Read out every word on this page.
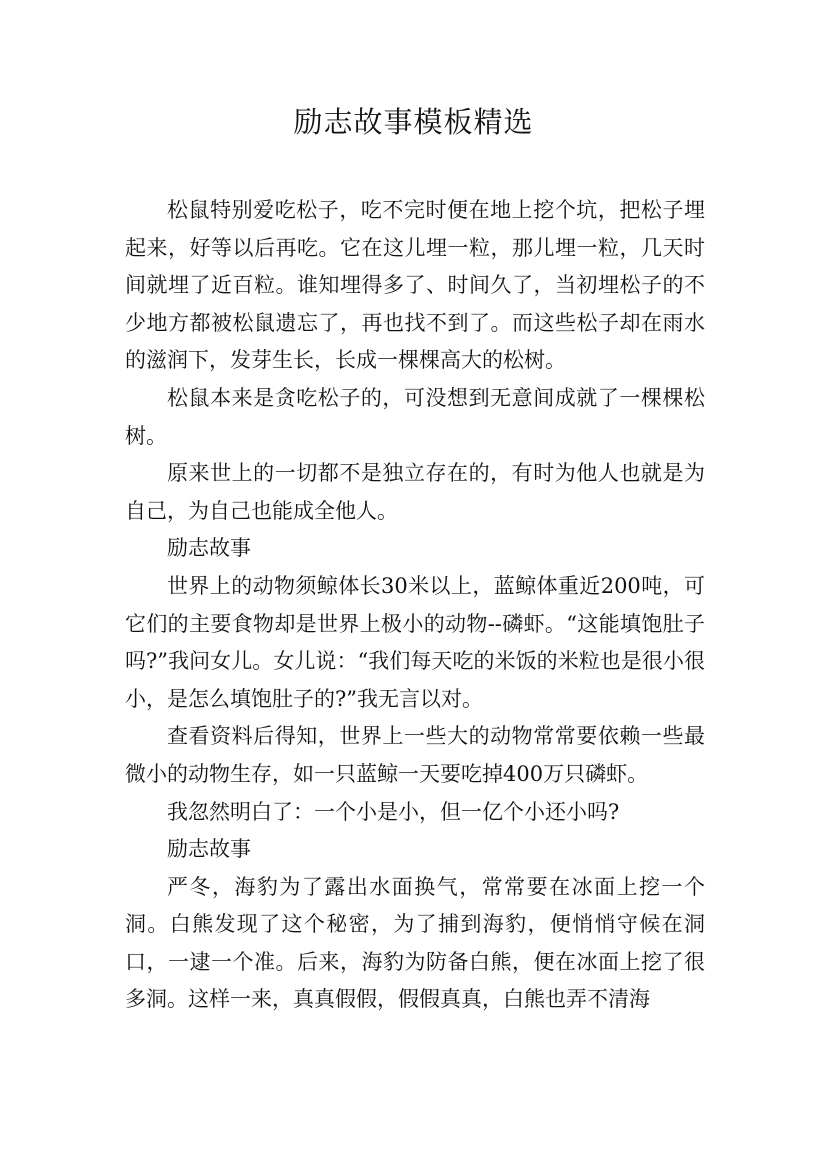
励志故事模板精选

松鼠特别爱吃松子，吃不完时便在地上挖个坑，把松子埋起来，好等以后再吃。它在这儿埋一粒，那儿埋一粒，几天时间就埋了近百粒。谁知埋得多了、时间久了，当初埋松子的不少地方都被松鼠遗忘了，再也找不到了。而这些松子却在雨水的滋润下，发芽生长，长成一棵棵高大的松树。

松鼠本来是贪吃松子的，可没想到无意间成就了一棵棵松树。

原来世上的一切都不是独立存在的，有时为他人也就是为自己，为自己也能成全他人。

励志故事

世界上的动物须鲸体长30米以上，蓝鲸体重近200吨，可它们的主要食物却是世界上极小的动物--磷虾。“这能填饱肚子吗?”我问女儿。女儿说：“我们每天吃的米饭的米粒也是很小很小，是怎么填饱肚子的?”我无言以对。

查看资料后得知，世界上一些大的动物常常要依赖一些最微小的动物生存，如一只蓝鲸一天要吃掉400万只磷虾。

我忽然明白了：一个小是小，但一亿个小还小吗?

励志故事

严冬，海豹为了露出水面换气，常常要在冰面上挖一个洞。白熊发现了这个秘密，为了捕到海豹，便悄悄守候在洞口，一逮一个准。后来，海豹为防备白熊，便在冰面上挖了很多洞。这样一来，真真假假，假假真真，白熊也弄不清海
